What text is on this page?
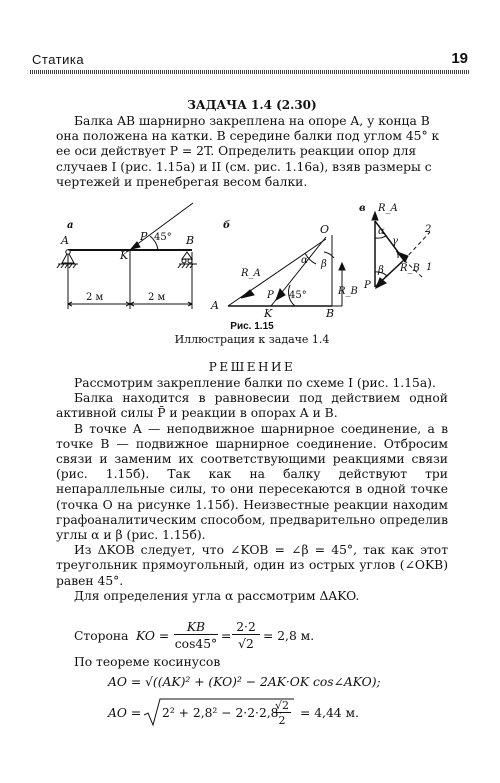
Статика	19
ЗАДАЧА 1.4 (2.30)

Балка AB шарнирно закреплена на опоре A, у конца B

она положена на катки. В середине балки под углом 45° к

ее оси действует P = 2T. Определить реакции опор для

случаев I (рис. 1.15а) и II (см. рис. 1.16а), взяв размеры с

чертежей и пренебрегая весом балки.

а	б
в
A
K
B
P 45°
2 м	2 м
O
A
K	B
R_A
P	R_B
α β
45°
R_A
α
γ
2
R_B 1
β
P
Рис. 1.15
Иллюстрация к задаче 1.4
РЕШЕНИЕ

Рассмотрим закрепление балки по схеме I (рис. 1.15а).

Балка находится в равновесии под действием одной активной силы P̄ и реакции в опорах A и B.

В точке A — неподвижное шарнирное соединение, а в точке B — подвижное шарнирное соединение. Отбросим связи и заменим их соответствующими реакциями связи (рис. 1.15б). Так как на балку действуют три непараллельные силы, то они пересекаются в одной точке (точка O на рисунке 1.15б). Неизвестные реакции находим графоаналитическим способом, предварительно определив углы α и β (рис. 1.15б).

Из ΔKOB следует, что ∠KOB = ∠β = 45°, так как этот треугольник прямоугольный, один из острых углов (∠OKB) равен 45°.

Для определения угла α рассмотрим ΔAKO.

Сторона KO =
KB
cos45°
=
2·2
√2
= 2,8 м.

По теореме косинусов

AO = √((AK)² + (KO)² − 2AK·OK cos∠AKO);
AO = 2² + 2,8² − 2·2·2,8·
√2
2
= 4,44 м.
